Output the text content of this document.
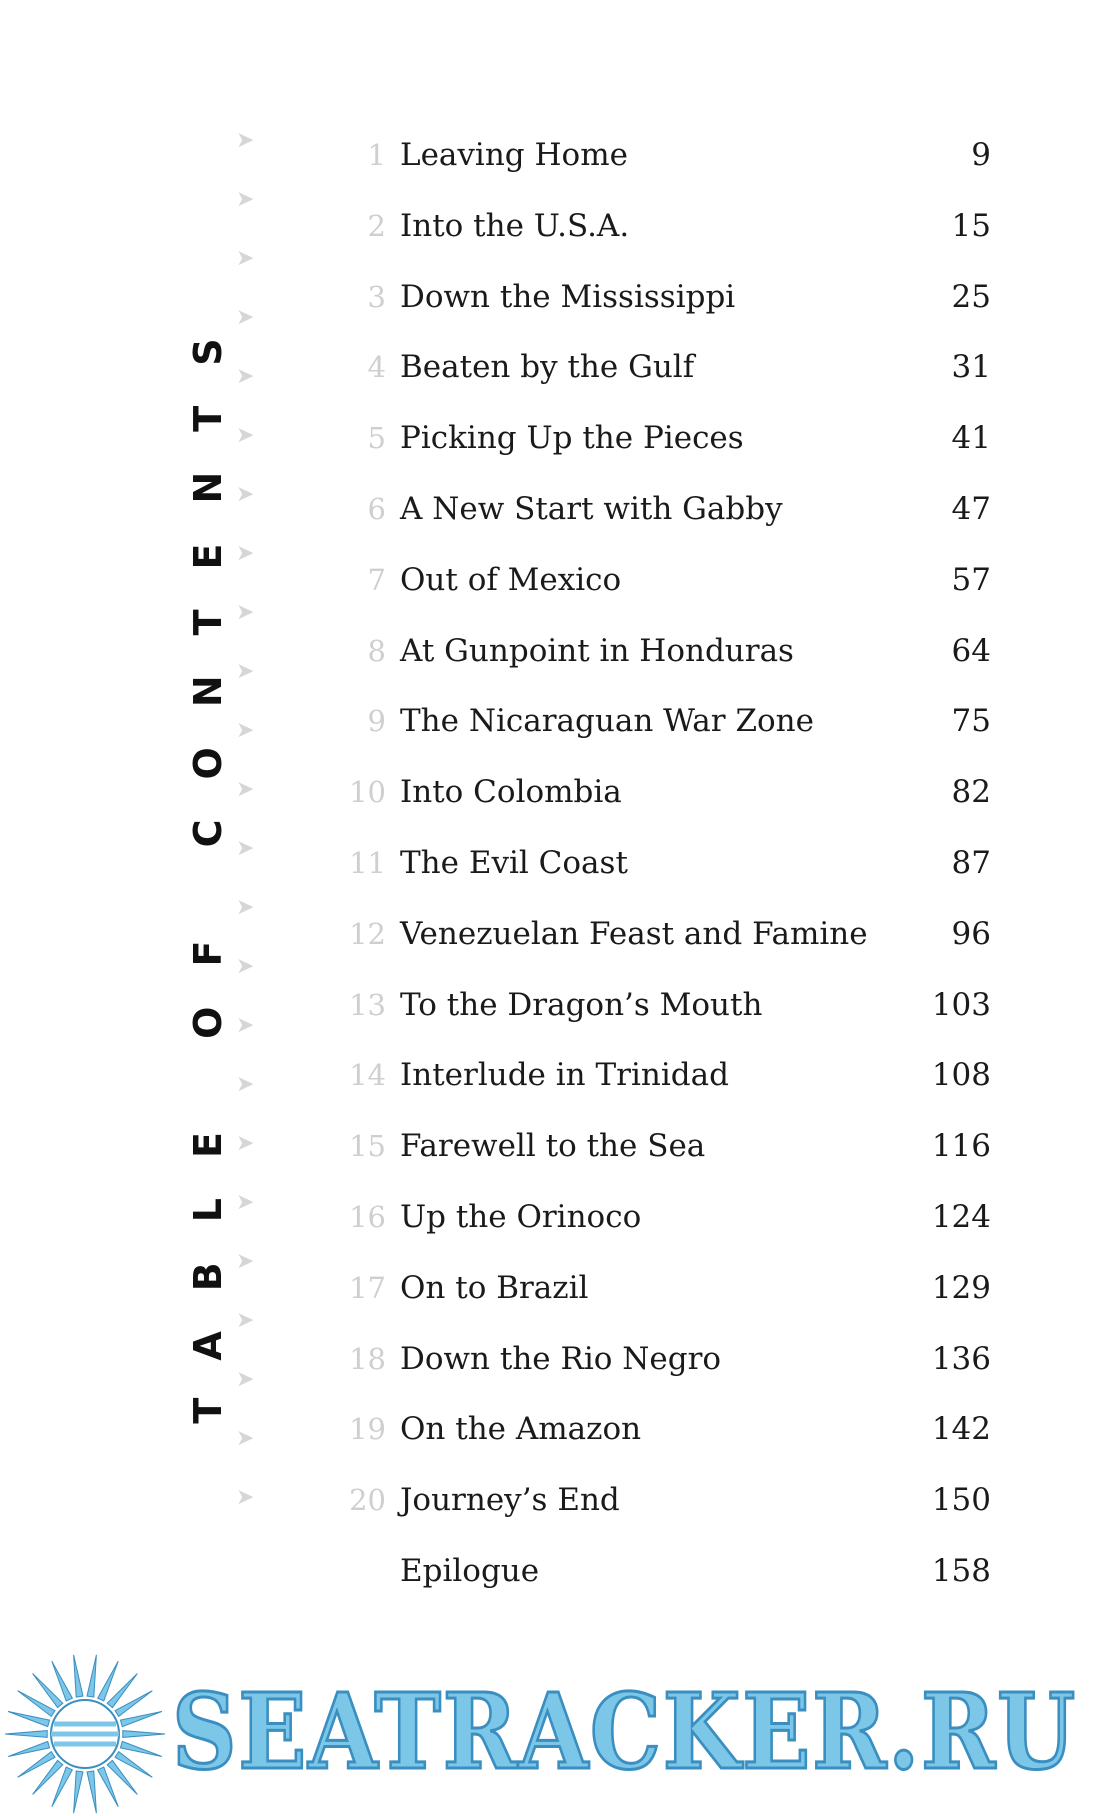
TABLE OF CONTENTS
➤
➤
➤
➤
➤
➤
➤
➤
➤
➤
➤
➤
➤
➤
➤
➤
➤
➤
➤
➤
➤
➤
➤
➤
1 Leaving Home	9
2 Into the U.S.A.	15
3 Down the Mississippi	25
4 Beaten by the Gulf	31
5 Picking Up the Pieces	41
6 A New Start with Gabby	47
7 Out of Mexico	57
8 At Gunpoint in Honduras	64
9 The Nicaraguan War Zone	75
10 Into Colombia	82
11 The Evil Coast	87
12 Venezuelan Feast and Famine	96
13 To the Dragon’s Mouth	103
14 Interlude in Trinidad	108
15 Farewell to the Sea	116
16 Up the Orinoco	124
17 On to Brazil	129
18 Down the Rio Negro	136
19 On the Amazon	142
20 Journey’s End	150
Epilogue	158
SEATRACKER.RU
